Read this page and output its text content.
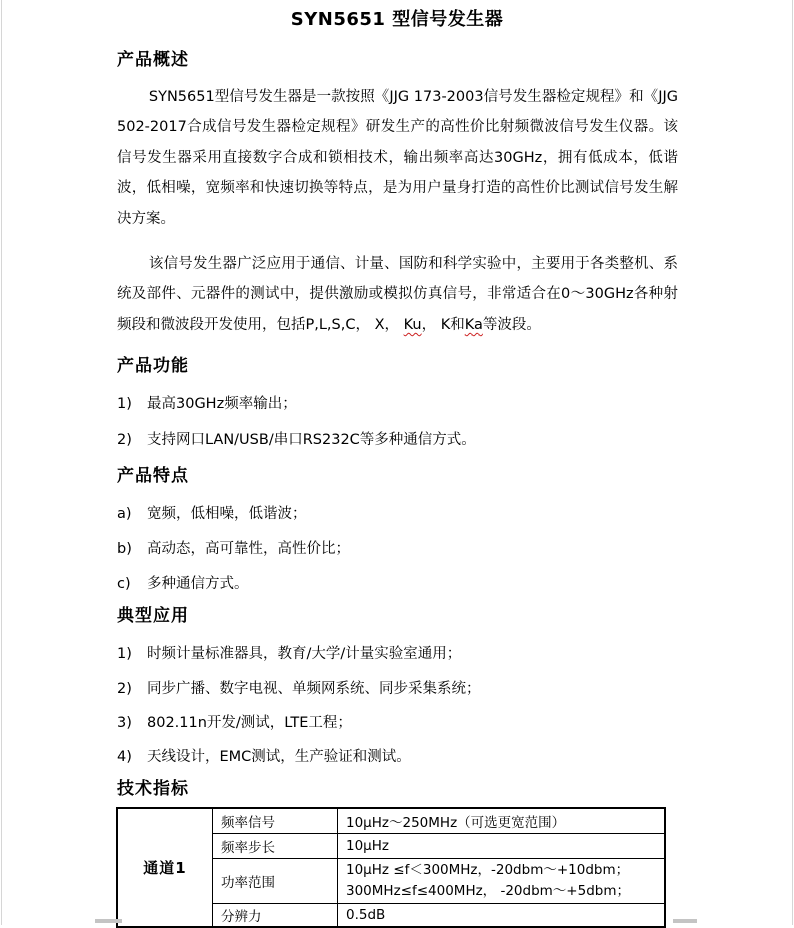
SYN5651 型信号发生器
产品概述

SYN5651型信号发生器是一款按照《JJG 173-2003信号发生器检定规程》和《JJG 502-2017合成信号发生器检定规程》研发生产的高性价比射频微波信号发生仪器。该信号发生器采用直接数字合成和锁相技术，输出频率高达30GHz，拥有低成本，低谐波，低相噪，宽频率和快速切换等特点，是为用户量身打造的高性价比测试信号发生解决方案。

该信号发生器广泛应用于通信、计量、国防和科学实验中，主要用于各类整机、系统及部件、元器件的测试中，提供激励或模拟仿真信号，非常适合在0～30GHz各种射频段和微波段开发使用，包括P,L,S,C， X， Ku， K和Ka等波段。

产品功能
1)	最高30GHz频率输出；
2)	支持网口LAN/USB/串口RS232C等多种通信方式。
产品特点
a)	宽频，低相噪，低谐波；
b)	高动态，高可靠性，高性价比；
c)	多种通信方式。
典型应用
1)	时频计量标准器具，教育/大学/计量实验室通用；
2)	同步广播、数字电视、单频网系统、同步采集系统；
3)	802.11n开发/测试，LTE工程；
4)	天线设计，EMC测试，生产验证和测试。
技术指标
通道1	频率信号	10μHz～250MHz（可选更宽范围）
	频率步长	10μHz
	功率范围	10μHz ≤f＜300MHz，-20dbm～+10dbm；
300MHz≤f≤400MHz， -20dbm～+5dbm；

	分辨力	0.5dB
